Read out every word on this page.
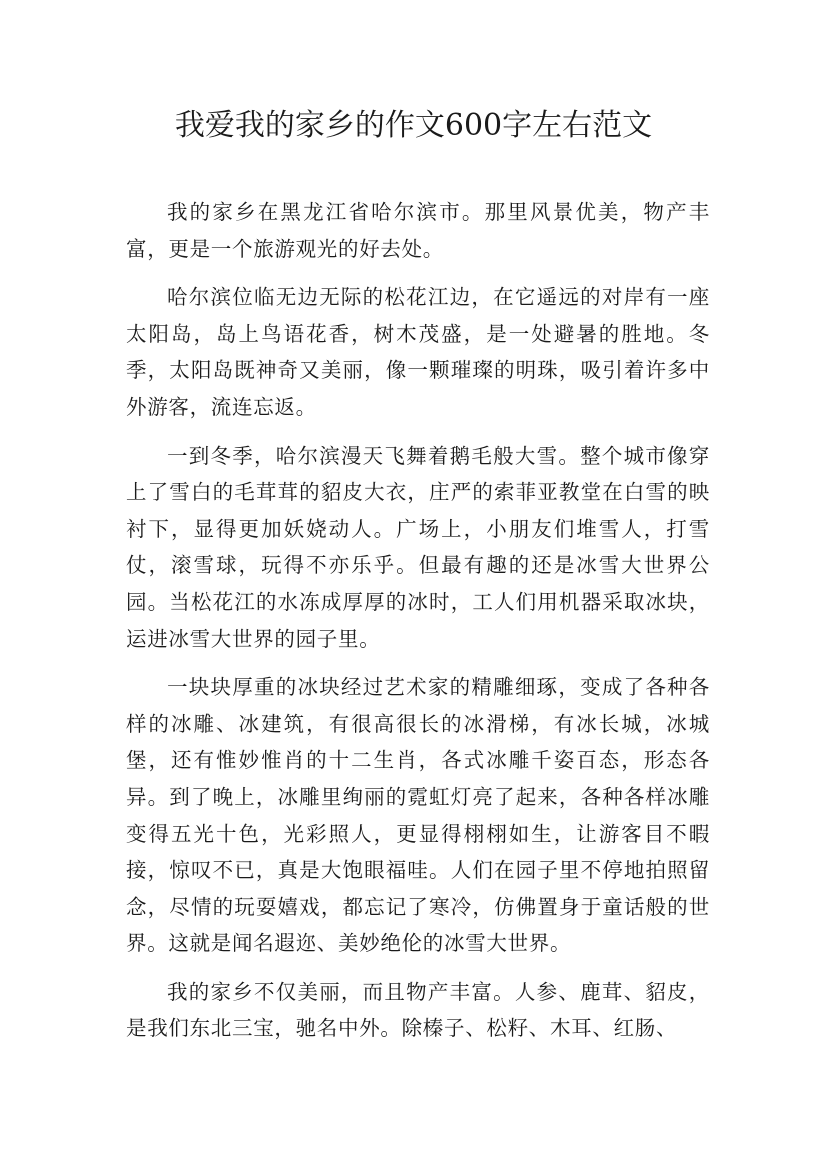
我爱我的家乡的作文600字左右范文

我的家乡在黑龙江省哈尔滨市。那里风景优美，物产丰富，更是一个旅游观光的好去处。

哈尔滨位临无边无际的松花江边，在它遥远的对岸有一座太阳岛，岛上鸟语花香，树木茂盛，是一处避暑的胜地。冬季，太阳岛既神奇又美丽，像一颗璀璨的明珠，吸引着许多中外游客，流连忘返。

一到冬季，哈尔滨漫天飞舞着鹅毛般大雪。整个城市像穿上了雪白的毛茸茸的貂皮大衣，庄严的索菲亚教堂在白雪的映衬下，显得更加妖娆动人。广场上，小朋友们堆雪人，打雪仗，滚雪球，玩得不亦乐乎。但最有趣的还是冰雪大世界公园。当松花江的水冻成厚厚的冰时，工人们用机器采取冰块，运进冰雪大世界的园子里。

一块块厚重的冰块经过艺术家的精雕细琢，变成了各种各样的冰雕、冰建筑，有很高很长的冰滑梯，有冰长城，冰城堡，还有惟妙惟肖的十二生肖，各式冰雕千姿百态，形态各异。到了晚上，冰雕里绚丽的霓虹灯亮了起来，各种各样冰雕变得五光十色，光彩照人，更显得栩栩如生，让游客目不暇接，惊叹不已，真是大饱眼福哇。人们在园子里不停地拍照留念，尽情的玩耍嬉戏，都忘记了寒冷，仿佛置身于童话般的世界。这就是闻名遐迩、美妙绝伦的冰雪大世界。

我的家乡不仅美丽，而且物产丰富。人参、鹿茸、貂皮，是我们东北三宝，驰名中外。除榛子、松籽、木耳、红肠、
